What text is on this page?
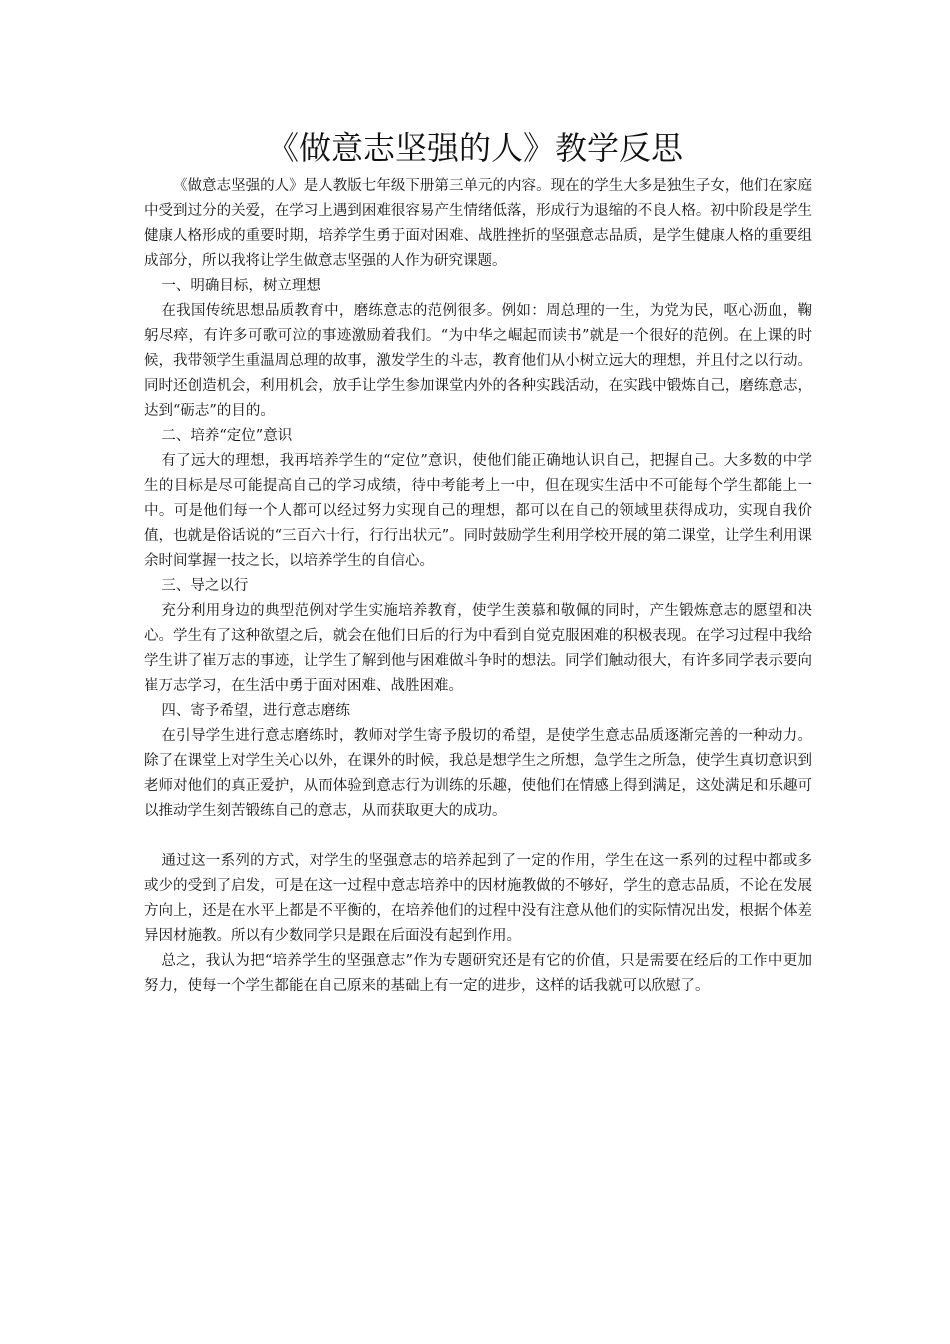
《做意志坚强的人》教学反思

《做意志坚强的人》是人教版七年级下册第三单元的内容。现在的学生大多是独生子女，他们在家庭中受到过分的关爱，在学习上遇到困难很容易产生情绪低落，形成行为退缩的不良人格。初中阶段是学生健康人格形成的重要时期，培养学生勇于面对困难、战胜挫折的坚强意志品质，是学生健康人格的重要组成部分，所以我将让学生做意志坚强的人作为研究课题。

一、明确目标，树立理想

在我国传统思想品质教育中，磨练意志的范例很多。例如：周总理的一生，为党为民，呕心沥血，鞠躬尽瘁，有许多可歌可泣的事迹激励着我们。“为中华之崛起而读书”就是一个很好的范例。在上课的时候，我带领学生重温周总理的故事，激发学生的斗志，教育他们从小树立远大的理想，并且付之以行动。同时还创造机会，利用机会，放手让学生参加课堂内外的各种实践活动，在实践中锻炼自己，磨练意志，达到“砺志”的目的。

二、培养“定位”意识

有了远大的理想，我再培养学生的“定位”意识，使他们能正确地认识自己，把握自己。大多数的中学生的目标是尽可能提高自己的学习成绩，待中考能考上一中，但在现实生活中不可能每个学生都能上一中。可是他们每一个人都可以经过努力实现自己的理想，都可以在自己的领域里获得成功，实现自我价值，也就是俗话说的“三百六十行，行行出状元”。同时鼓励学生利用学校开展的第二课堂，让学生利用课余时间掌握一技之长，以培养学生的自信心。

三、导之以行

充分利用身边的典型范例对学生实施培养教育，使学生羡慕和敬佩的同时，产生锻炼意志的愿望和决心。学生有了这种欲望之后，就会在他们日后的行为中看到自觉克服困难的积极表现。在学习过程中我给学生讲了崔万志的事迹，让学生了解到他与困难做斗争时的想法。同学们触动很大，有许多同学表示要向崔万志学习，在生活中勇于面对困难、战胜困难。

四、寄予希望，进行意志磨练

在引导学生进行意志磨练时，教师对学生寄予殷切的希望，是使学生意志品质逐渐完善的一种动力。除了在课堂上对学生关心以外，在课外的时候，我总是想学生之所想，急学生之所急，使学生真切意识到老师对他们的真正爱护，从而体验到意志行为训练的乐趣，使他们在情感上得到满足，这处满足和乐趣可以推动学生刻苦锻练自己的意志，从而获取更大的成功。

通过这一系列的方式，对学生的坚强意志的培养起到了一定的作用，学生在这一系列的过程中都或多或少的受到了启发，可是在这一过程中意志培养中的因材施教做的不够好，学生的意志品质，不论在发展方向上，还是在水平上都是不平衡的，在培养他们的过程中没有注意从他们的实际情况出发，根据个体差异因材施教。所以有少数同学只是跟在后面没有起到作用。

总之，我认为把“培养学生的坚强意志”作为专题研究还是有它的价值，只是需要在经后的工作中更加努力，使每一个学生都能在自己原来的基础上有一定的进步，这样的话我就可以欣慰了。
